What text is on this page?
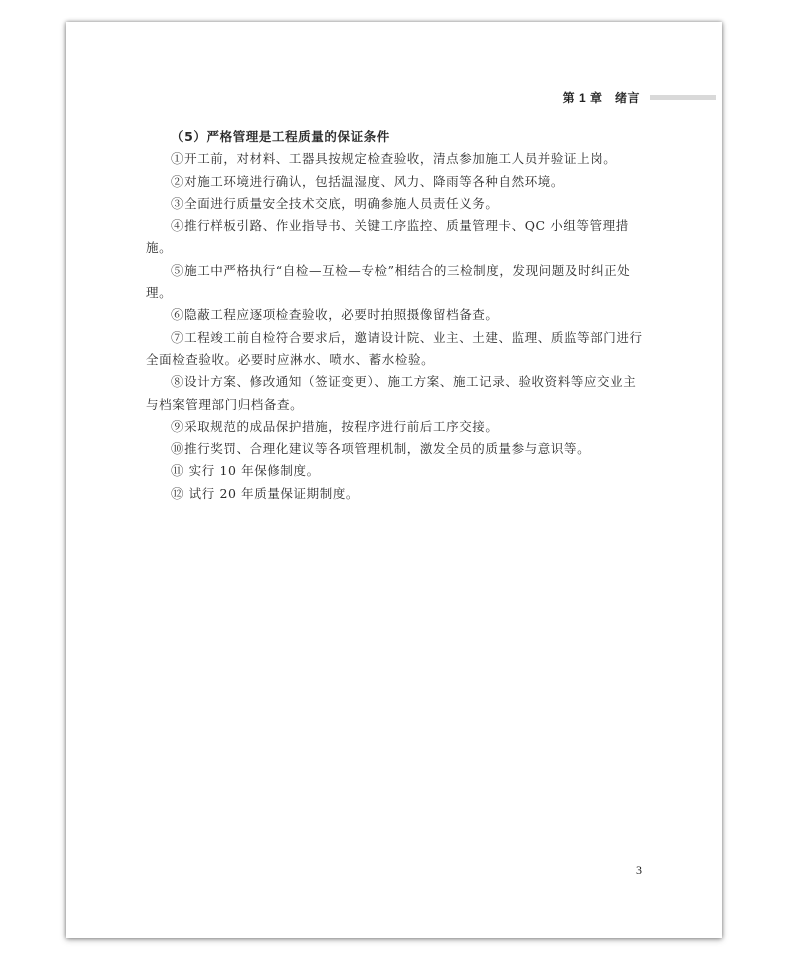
第 1 章　绪言

（5）严格管理是工程质量的保证条件

①开工前，对材料、工器具按规定检查验收，清点参加施工人员并验证上岗。

②对施工环境进行确认，包括温湿度、风力、降雨等各种自然环境。

③全面进行质量安全技术交底，明确参施人员责任义务。

④推行样板引路、作业指导书、关键工序监控、质量管理卡、QC 小组等管理措施。

⑤施工中严格执行“自检—互检—专检”相结合的三检制度，发现问题及时纠正处理。

⑥隐蔽工程应逐项检查验收，必要时拍照摄像留档备查。

⑦工程竣工前自检符合要求后，邀请设计院、业主、土建、监理、质监等部门进行全面检查验收。必要时应淋水、喷水、蓄水检验。

⑧设计方案、修改通知（签证变更）、施工方案、施工记录、验收资料等应交业主与档案管理部门归档备查。

⑨采取规范的成品保护措施，按程序进行前后工序交接。

⑩推行奖罚、合理化建议等各项管理机制，激发全员的质量参与意识等。

⑪ 实行 10 年保修制度。

⑫ 试行 20 年质量保证期制度。

3
